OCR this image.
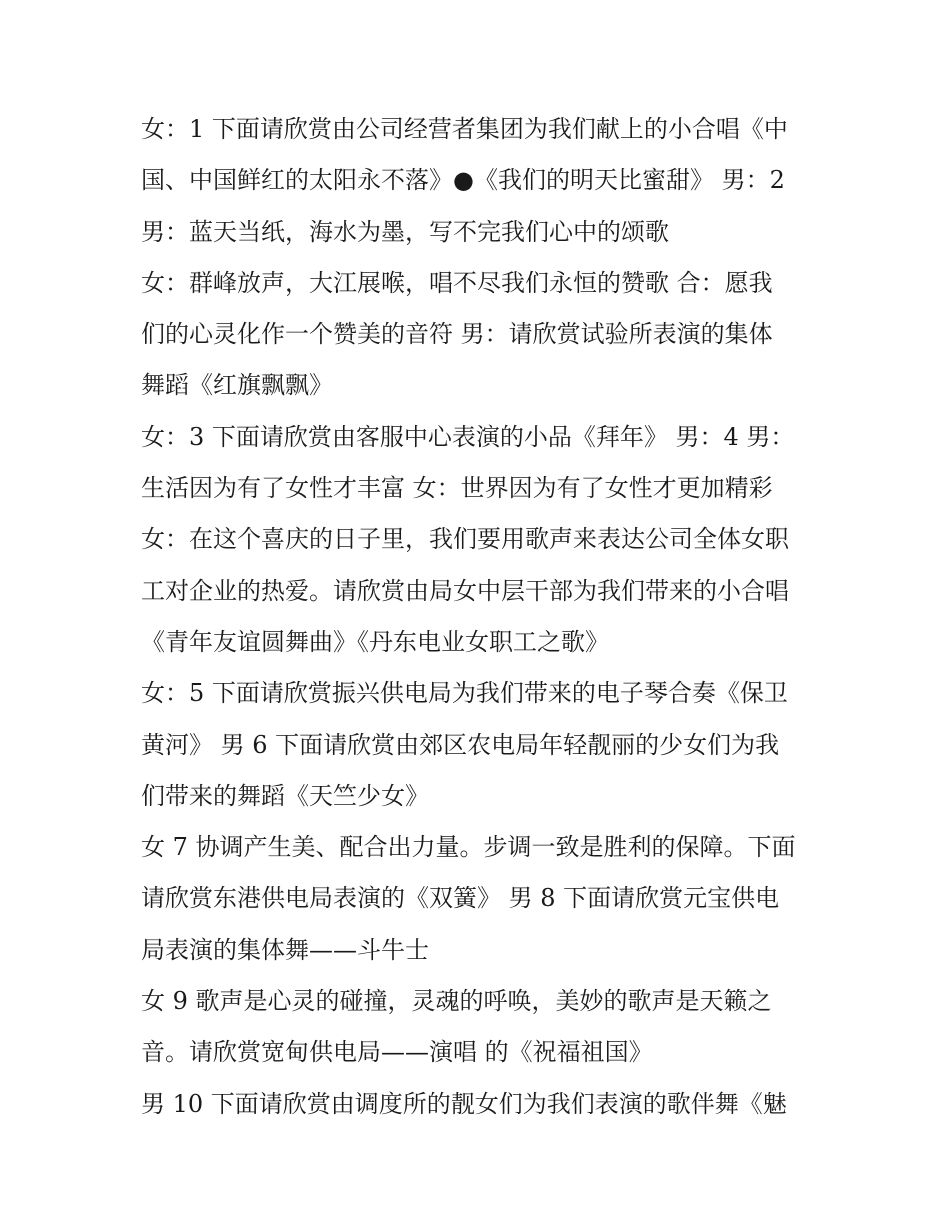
女：1 下面请欣赏由公司经营者集团为我们献上的小合唱《中
国、中国鲜红的太阳永不落》●《我们的明天比蜜甜》 男：2
男：蓝天当纸，海水为墨，写不完我们心中的颂歌
女：群峰放声，大江展喉，唱不尽我们永恒的赞歌 合：愿我
们的心灵化作一个赞美的音符 男：请欣赏试验所表演的集体
舞蹈《红旗飘飘》
女：3 下面请欣赏由客服中心表演的小品《拜年》 男：4 男：
生活因为有了女性才丰富 女：世界因为有了女性才更加精彩
女：在这个喜庆的日子里，我们要用歌声来表达公司全体女职
工对企业的热爱。请欣赏由局女中层干部为我们带来的小合唱
《青年友谊圆舞曲》《丹东电业女职工之歌》
女：5 下面请欣赏振兴供电局为我们带来的电子琴合奏《保卫
黄河》 男 6 下面请欣赏由郊区农电局年轻靓丽的少女们为我
们带来的舞蹈《天竺少女》
女 7 协调产生美、配合出力量。步调一致是胜利的保障。下面
请欣赏东港供电局表演的《双簧》 男 8 下面请欣赏元宝供电
局表演的集体舞——斗牛士
女 9 歌声是心灵的碰撞，灵魂的呼唤，美妙的歌声是天籁之
音。请欣赏宽甸供电局——演唱 的《祝福祖国》
男 10 下面请欣赏由调度所的靓女们为我们表演的歌伴舞《魅
